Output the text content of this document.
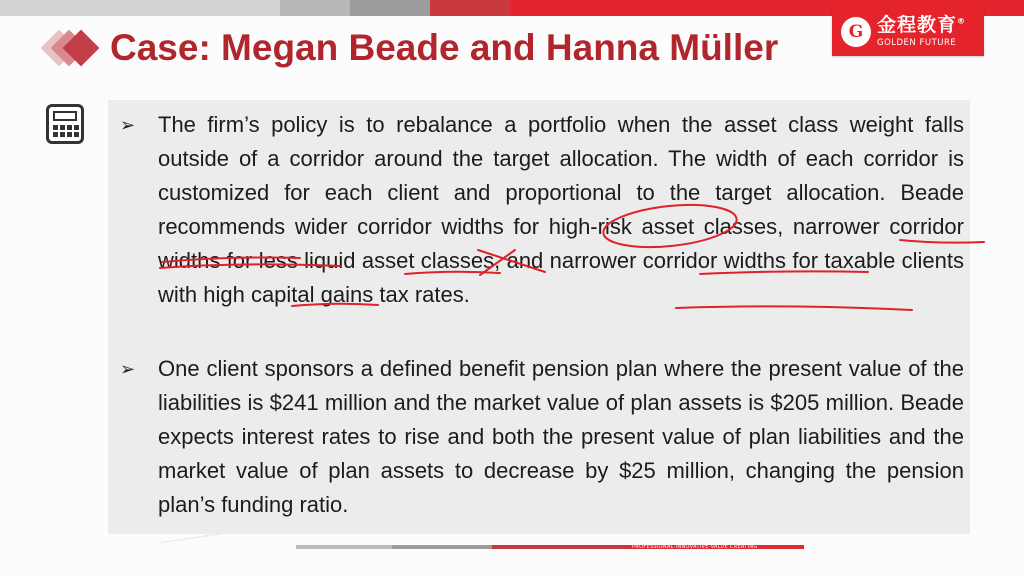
G 金程教育®
GOLDEN FUTURE
Case: Megan Beade and Hanna Müller
➢ The firm’s policy is to rebalance a portfolio when the asset class weight falls outside of a corridor around the target allocation. The width of each corridor is customized for each client and proportional to the target allocation. Beade recommends wider corridor widths for high-risk asset classes, narrower corridor widths for less liquid asset classes, and narrower corridor widths for taxable clients with high capital gains tax rates.
➢ One client sponsors a defined benefit pension plan where the present value of the liabilities is $241 million and the market value of plan assets is $205 million. Beade expects interest rates to rise and both the present value of plan liabilities and the market value of plan assets to decrease by $25 million, changing the pension plan’s funding ratio.
........................
PROFESSIONAL·INNOVATIVE·VALUE CREATING
